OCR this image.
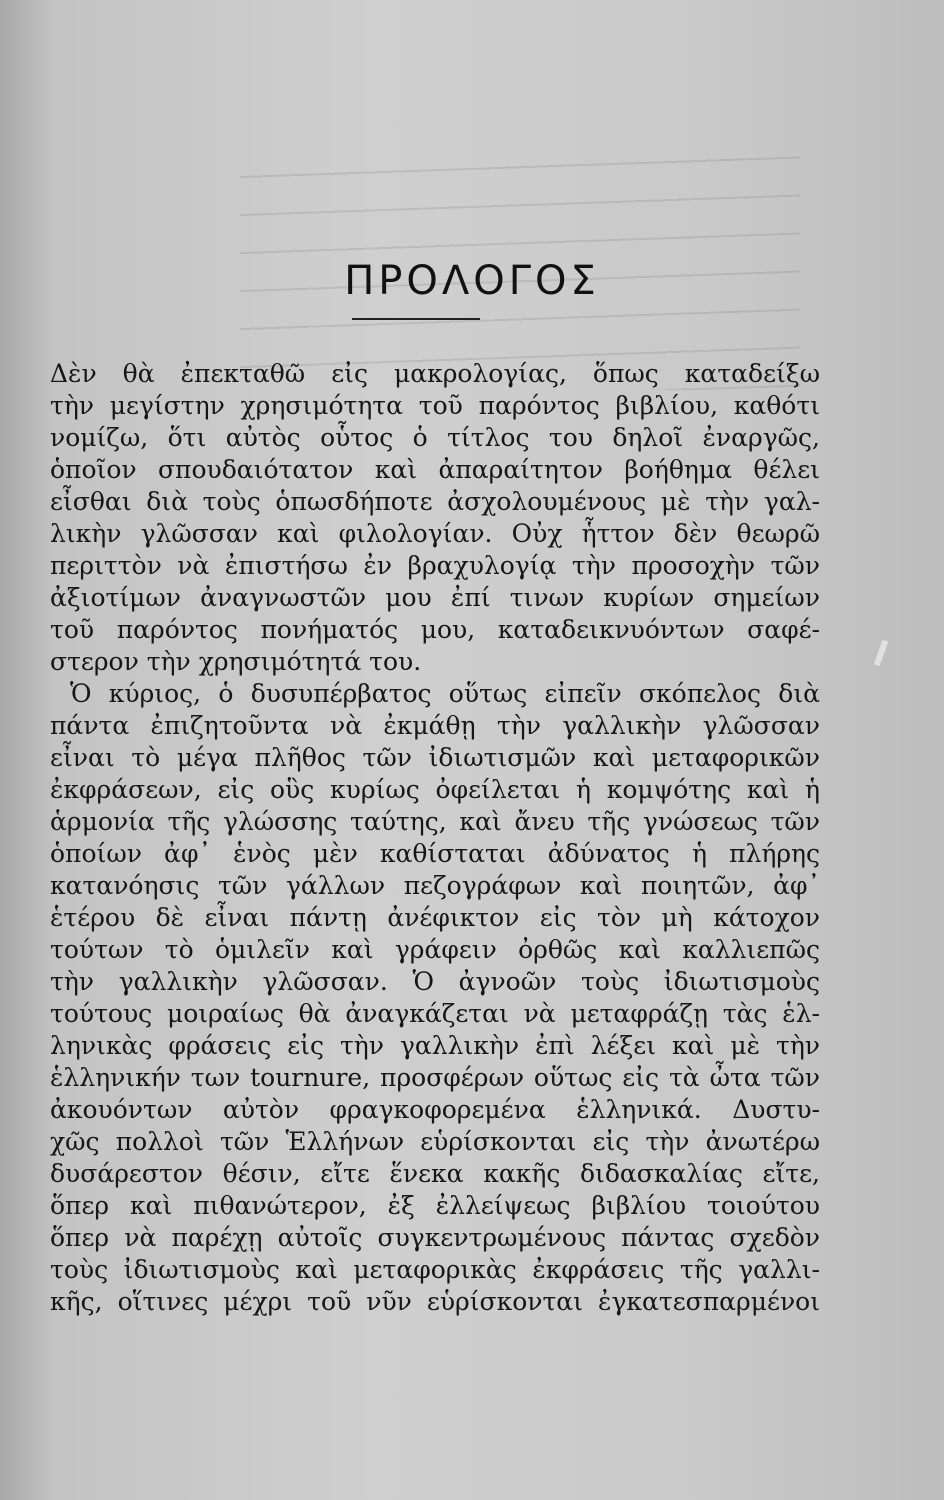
ΠΡΟΛΟΓΟΣ
Δὲν θὰ ἐπεκταθῶ εἰς μακρολογίας, ὅπως καταδείξω
τὴν μεγίστην χρησιμότητα τοῦ παρόντος βιβλίου, καθότι
νομίζω, ὅτι αὐτὸς οὗτος ὁ τίτλος του δηλοῖ ἐναργῶς,
ὁποῖον σπουδαιότατον καὶ ἀπαραίτητον βοήθημα θέλει
εἶσθαι διὰ τοὺς ὁπωσδήποτε ἀσχολουμένους μὲ τὴν γαλ-
λικὴν γλῶσσαν καὶ φιλολογίαν. Οὐχ ἧττον δὲν θεωρῶ
περιττὸν νὰ ἐπιστήσω ἐν βραχυλογίᾳ τὴν προσοχὴν τῶν
ἀξιοτίμων ἀναγνωστῶν μου ἐπί τινων κυρίων σημείων
τοῦ παρόντος πονήματός μου, καταδεικνυόντων σαφέ-
στερον τὴν χρησιμότητά του.
Ὁ κύριος, ὁ δυσυπέρβατος οὕτως εἰπεῖν σκόπελος διὰ
πάντα ἐπιζητοῦντα νὰ ἐκμάθῃ τὴν γαλλικὴν γλῶσσαν
εἶναι τὸ μέγα πλῆθος τῶν ἰδιωτισμῶν καὶ μεταφορικῶν
ἐκφράσεων, εἰς οὓς κυρίως ὀφείλεται ἡ κομψότης καὶ ἡ
ἁρμονία τῆς γλώσσης ταύτης, καὶ ἄνευ τῆς γνώσεως τῶν
ὁποίων ἀφ᾽ ἑνὸς μὲν καθίσταται ἀδύνατος ἡ πλήρης
κατανόησις τῶν γάλλων πεζογράφων καὶ ποιητῶν, ἀφ᾽
ἑτέρου δὲ εἶναι πάντῃ ἀνέφικτον εἰς τὸν μὴ κάτοχον
τούτων τὸ ὁμιλεῖν καὶ γράφειν ὀρθῶς καὶ καλλιεπῶς
τὴν γαλλικὴν γλῶσσαν. Ὁ ἀγνοῶν τοὺς ἰδιωτισμοὺς
τούτους μοιραίως θὰ ἀναγκάζεται νὰ μεταφράζῃ τὰς ἑλ-
ληνικὰς φράσεις εἰς τὴν γαλλικὴν ἐπὶ λέξει καὶ μὲ τὴν
ἑλληνικήν των tournure, προσφέρων οὕτως εἰς τὰ ὦτα τῶν
ἀκουόντων αὐτὸν φραγκοφορεμένα ἑλληνικά. Δυστυ-
χῶς πολλοὶ τῶν Ἑλλήνων εὑρίσκονται εἰς τὴν ἀνωτέρω
δυσάρεστον θέσιν, εἴτε ἕνεκα κακῆς διδασκαλίας εἴτε,
ὅπερ καὶ πιθανώτερον, ἐξ ἐλλείψεως βιβλίου τοιούτου
ὅπερ νὰ παρέχῃ αὐτοῖς συγκεντρωμένους πάντας σχεδὸν
τοὺς ἰδιωτισμοὺς καὶ μεταφορικὰς ἐκφράσεις τῆς γαλλι-
κῆς, οἵτινες μέχρι τοῦ νῦν εὑρίσκονται ἐγκατεσπαρμένοι
